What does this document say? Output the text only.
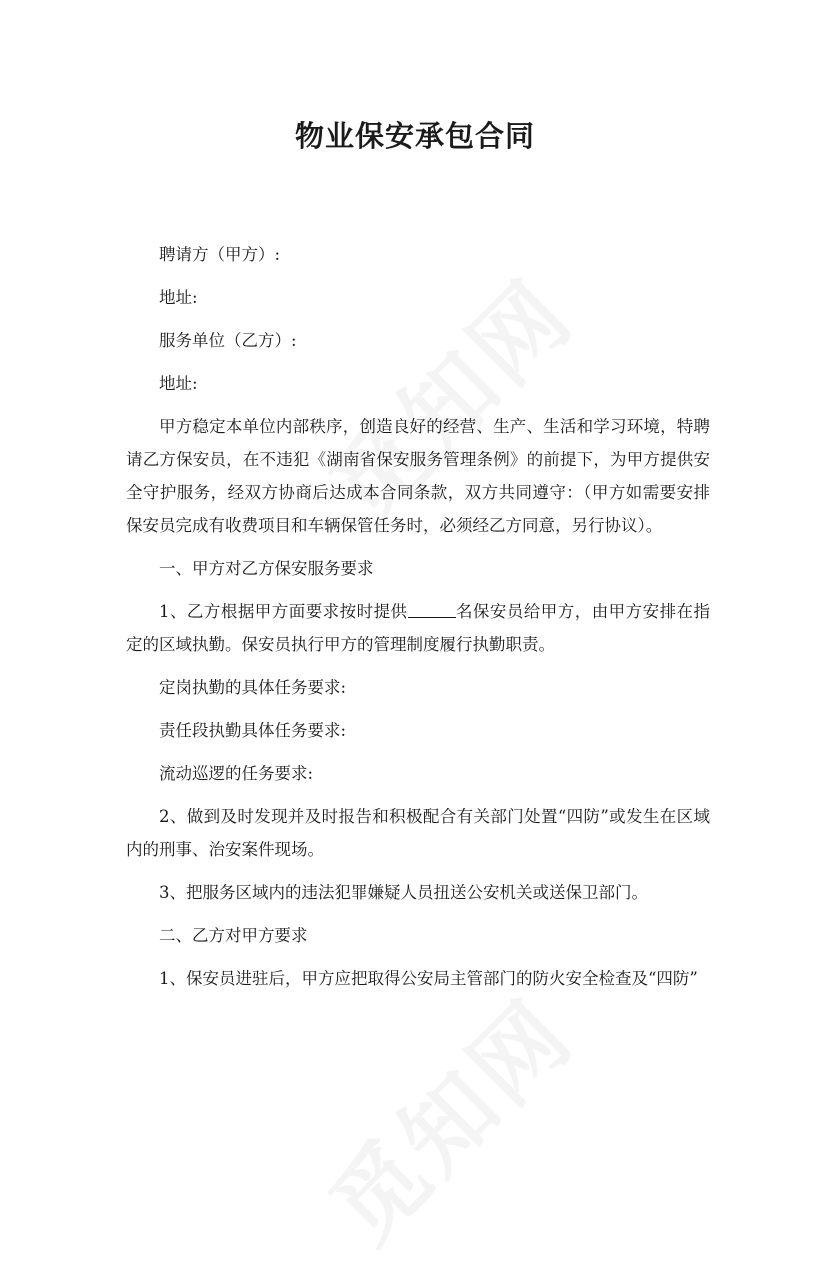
物业保安承包合同

聘请方（甲方）:

地址:

服务单位（乙方）:

地址:

甲方稳定本单位内部秩序，创造良好的经营、生产、生活和学习环境，特聘请乙方保安员，在不违犯《湖南省保安服务管理条例》的前提下，为甲方提供安全守护服务，经双方协商后达成本合同条款，双方共同遵守：（甲方如需要安排保安员完成有收费项目和车辆保管任务时，必须经乙方同意，另行协议）。

一、甲方对乙方保安服务要求

1、乙方根据甲方面要求按时提供	名保安员给甲方，由甲方安排在指定的区域执勤。保安员执行甲方的管理制度履行执勤职责。

定岗执勤的具体任务要求:

责任段执勤具体任务要求:

流动巡逻的任务要求:

2、做到及时发现并及时报告和积极配合有关部门处置“四防”或发生在区域内的刑事、治安案件现场。

3、把服务区域内的违法犯罪嫌疑人员扭送公安机关或送保卫部门。

二、乙方对甲方要求

1、保安员进驻后，甲方应把取得公安局主管部门的防火安全检查及“四防”
